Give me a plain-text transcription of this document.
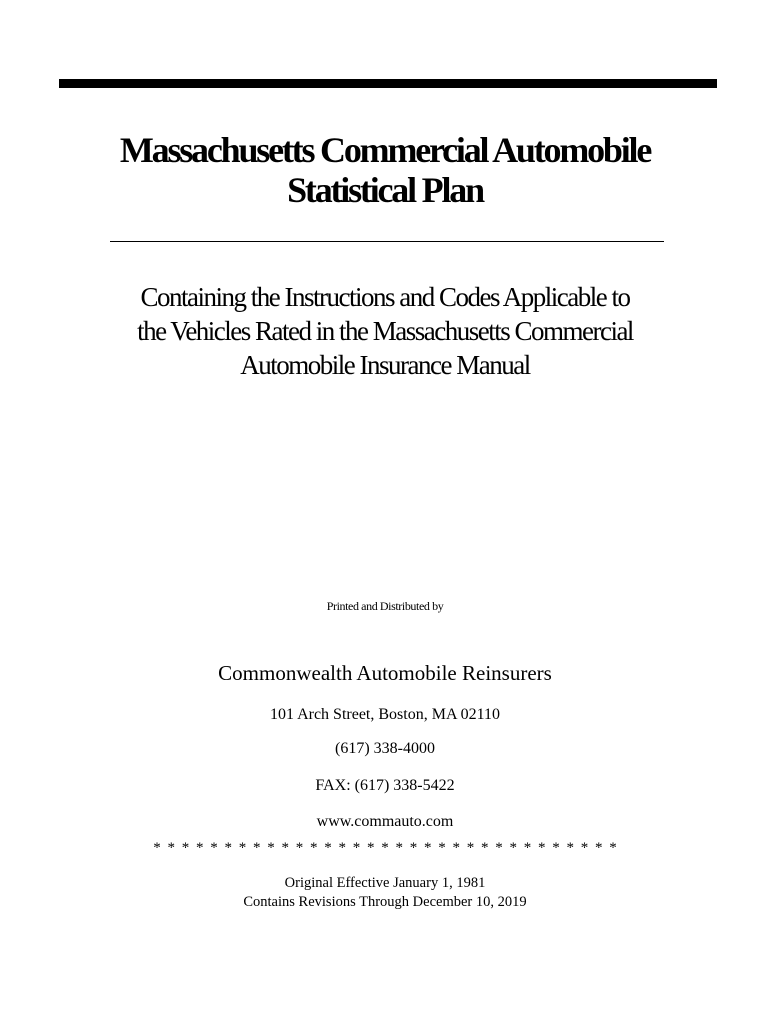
Massachusetts Commercial Automobile
Statistical Plan
Containing the Instructions and Codes Applicable to
the Vehicles Rated in the Massachusetts Commercial
Automobile Insurance Manual
Printed and Distributed by
Commonwealth Automobile Reinsurers
101 Arch Street, Boston, MA 02110
(617) 338-4000
FAX: (617) 338-5422
www.commauto.com
* * * * * * * * * * * * * * * * * * * * * * * * * * * * * * * * *
Original Effective January 1, 1981
Contains Revisions Through December 10, 2019
